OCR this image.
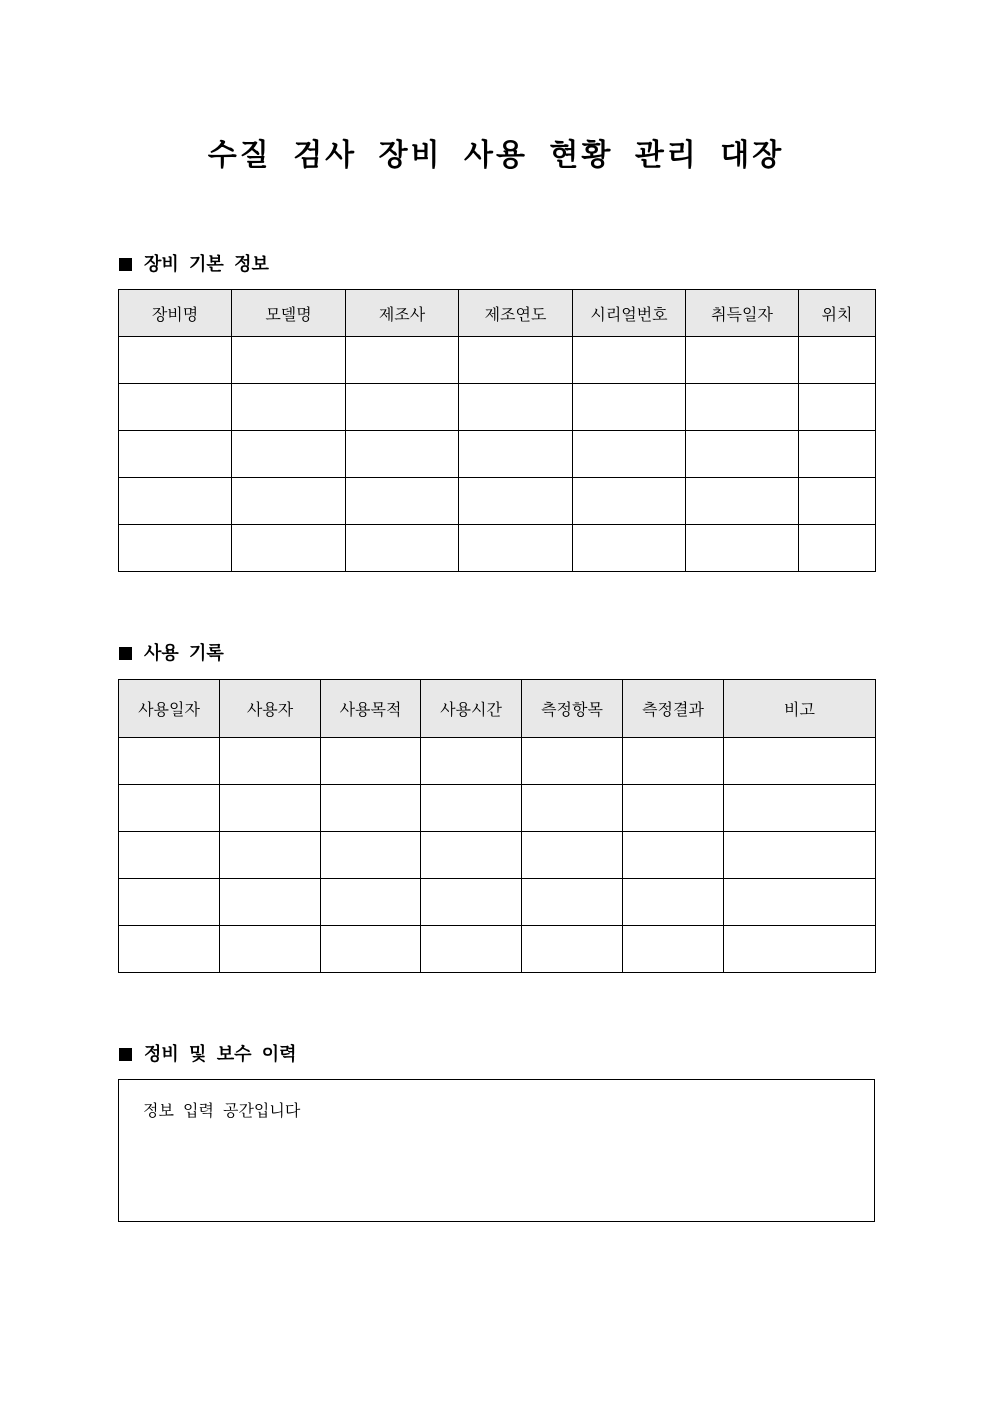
수질 검사 장비 사용 현황 관리 대장
장비 기본 정보
장비명	모델명	제조사	제조연도	시리얼번호	취득일자	위치

사용 기록
사용일자	사용자	사용목적	사용시간	측정항목	측정결과	비고

정비 및 보수 이력
정보 입력 공간입니다
